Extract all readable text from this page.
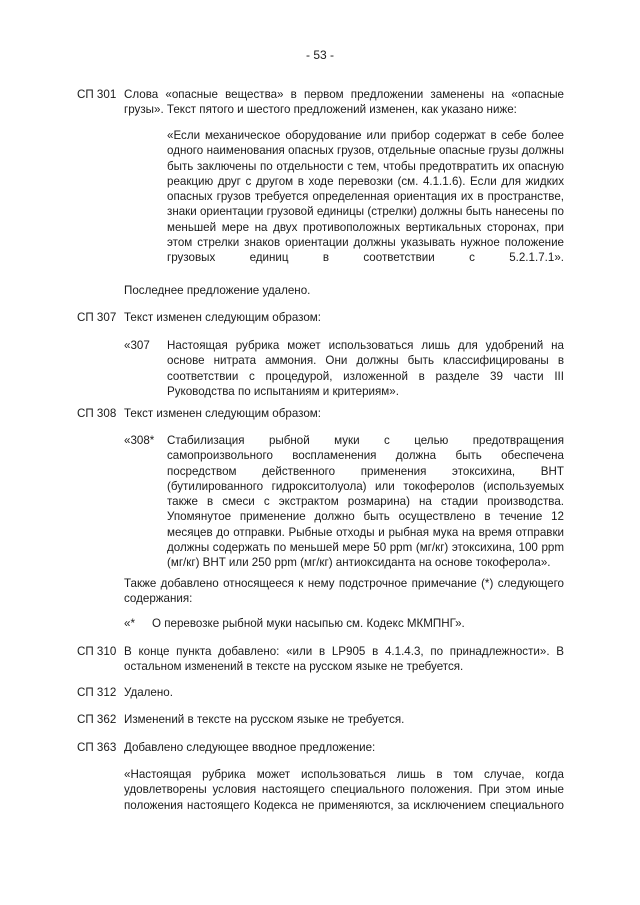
- 53 -
СП 301 Слова «опасные вещества» в первом предложении заменены на «опасные грузы». Текст пятого и шестого предложений изменен, как указано ниже:
«Если механическое оборудование или прибор содержат в себе более одного наименования опасных грузов, отдельные опасные грузы должны быть заключены по отдельности с тем, чтобы предотвратить их опасную реакцию друг с другом в ходе перевозки (см. 4.1.1.6). Если для жидких опасных грузов требуется определенная ориентация их в пространстве, знаки ориентации грузовой единицы (стрелки) должны быть нанесены по меньшей мере на двух противоположных вертикальных сторонах, при этом стрелки знаков ориентации должны указывать нужное положение грузовых единиц в соответствии с 5.2.1.7.1».
Последнее предложение удалено.
СП 307 Текст изменен следующим образом:
«307 Настоящая рубрика может использоваться лишь для удобрений на основе нитрата аммония. Они должны быть классифицированы в соответствии с процедурой, изложенной в разделе 39 части III Руководства по испытаниям и критериям».
СП 308 Текст изменен следующим образом:
«308* Стабилизация рыбной муки с целью предотвращения самопроизвольного воспламенения должна быть обеспечена посредством действенного применения этоксихина, BHT (бутилированного гидрокситолуола) или токоферолов (используемых также в смеси с экстрактом розмарина) на стадии производства. Упомянутое применение должно быть осуществлено в течение 12 месяцев до отправки. Рыбные отходы и рыбная мука на время отправки должны содержать по меньшей мере 50 ppm (мг/кг) этоксихина, 100 ppm (мг/кг) BHT или 250 ppm (мг/кг) антиоксиданта на основе токоферола».
Также добавлено относящееся к нему подстрочное примечание (*) следующего содержания:
«* О перевозке рыбной муки насыпью см. Кодекс МКМПНГ».
СП 310 В конце пункта добавлено: «или в LP905 в 4.1.4.3, по принадлежности». В остальном изменений в тексте на русском языке не требуется.
СП 312 Удалено.
СП 362 Изменений в тексте на русском языке не требуется.
СП 363 Добавлено следующее вводное предложение:
«Настоящая рубрика может использоваться лишь в том случае, когда удовлетворены условия настоящего специального положения. При этом иные положения настоящего Кодекса не применяются, за исключением специального
